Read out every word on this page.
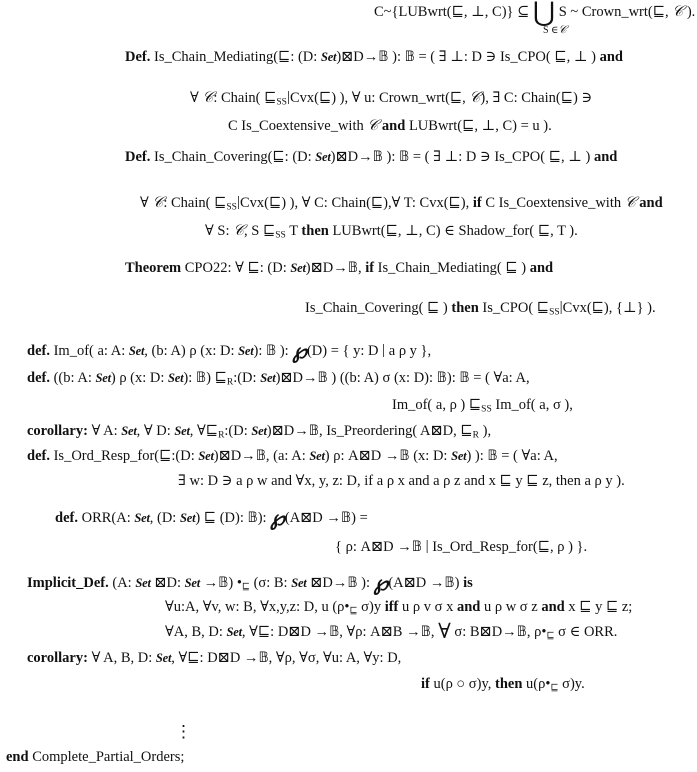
C~{LUBwrt(⊑, ⊥, C)} ⊆ ⋃ S ~ Crown_wrt(⊑, 𝒞 ).
S ∈𝒞
Def. Is_Chain_Mediating(⊑: (D: Set)⊠D→𝔹 ): 𝔹 = ( ∃ ⊥: D ∋ Is_CPO( ⊑, ⊥ ) and
∀ 𝒞: Chain( $⊑_{SS}|Cvx(⊑)$ ), ∀ u: Crown_wrt(⊑, 𝒞), ∃ C: Chain(⊑) ∋
C Is_Coextensive_with 𝒞 and LUBwrt(⊑, ⊥, C) = u ).
Def. Is_Chain_Covering(⊑: (D: Set)⊠D→𝔹 ): 𝔹 = ( ∃ ⊥: D ∋ Is_CPO( ⊑, ⊥ ) and
∀ 𝒞: Chain( $⊑_{SS}|Cvx(⊑)$ ), ∀ C: Chain(⊑),∀ T: Cvx(⊑), if C Is_Coextensive_with 𝒞 and
∀ S: 𝒞, S $⊑_{SS}$ T then LUBwrt(⊑, ⊥, C) ∈ Shadow_for( ⊑, T ).
Theorem CPO22: ∀ ⊑: (D: Set)⊠D→𝔹, if Is_Chain_Mediating( ⊑ ) and
Is_Chain_Covering( ⊑ ) then Is_CPO( $⊑_{SS}|Cvx(⊑)$, {⊥} ).
def. Im_of( a: A: Set, (b: A) ρ (x: D: Set): 𝔹 ): ℘(D) = { y: D | a ρ y },
def. ((b: A: Set) ρ (x: D: Set): 𝔹) $⊑_R:(D$: Set)⊠D→𝔹 ) ((b: A) σ (x: D): 𝔹): 𝔹 = ( ∀a: A,
Im_of( a, ρ ) $⊑_{SS}$ Im_of( a, σ ),
corollary: ∀ A: Set, ∀ D: Set, $\forall⊑_R:(D$: Set)⊠D→𝔹, Is_Preordering( A⊠D, $⊑_R$ ),
def. Is_Ord_Resp_for(⊑:(D: Set)⊠D→𝔹, (a: A: Set) ρ: A⊠D →𝔹 (x: D: Set) ): 𝔹 = ( ∀a: A,
∃ w: D ∋ a ρ w and ∀x, y, z: D, if a ρ x and a ρ z and x ⊑ y ⊑ z, then a ρ y ).
def. ORR(A: Set, (D: Set) ⊑ (D): 𝔹): ℘(A⊠D →𝔹) =
{ ρ: A⊠D →𝔹 | Is_Ord_Resp_for(⊑, ρ ) }.
Implicit_Def. (A: Set ⊠D: Set →𝔹) $•_⊑$ (σ: B: Set ⊠D→𝔹 ): ℘(A⊠D →𝔹) is
∀u:A, ∀v, w: B, ∀x,y,z: D, u ($\rho•_⊑$ σ)y iff u ρ v σ x and u ρ w σ z and x ⊑ y ⊑ z;
∀A, B, D: Set, ∀⊑: D⊠D →𝔹, ∀ρ: A⊠B →𝔹, ∀ σ: B⊠D→𝔹, $\rho•_⊑$ σ ∈ ORR.
corollary: ∀ A, B, D: Set, ∀⊑: D⊠D →𝔹, ∀ρ, ∀σ, ∀u: A, ∀y: D,
if u(ρ ○ σ)y, then $u(\rho•_⊑$ σ)y.
⋮
end Complete_Partial_Orders;
